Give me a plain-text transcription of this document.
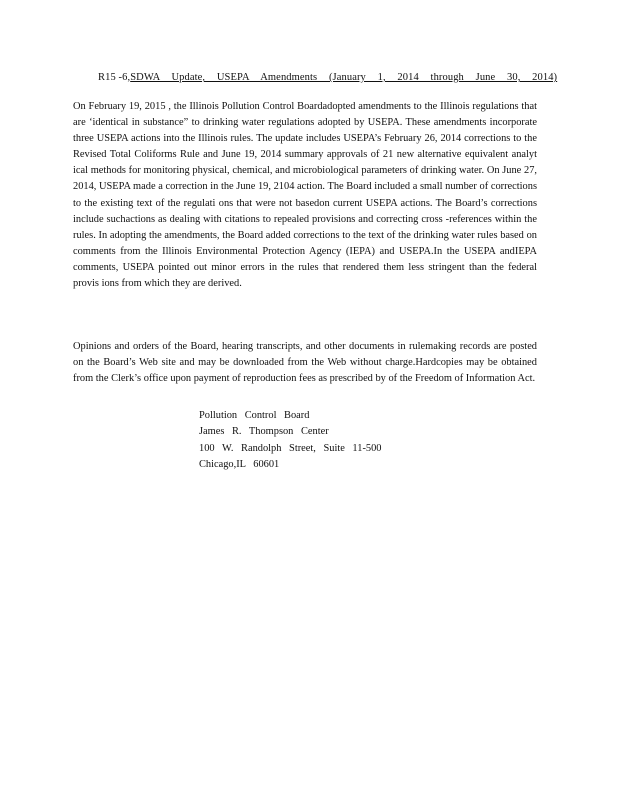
R15 -6,SDWA Update, USEPA Amendments (January 1, 2014 through June 30, 2014)
On February 19, 2015 , the Illinois Pollution Control Boardadopted amendments to the Illinois regulations that are ‘identical in substance” to drinking water regulations adopted by USEPA. These amendments incorporate three USEPA actions into the Illinois rules. The update includes USEPA’s February 26, 2014 corrections to the Revised Total Coliforms Rule and June 19, 2014 summary approvals of 21 new alternative equivalent analyt ical methods for monitoring physical, chemical, and microbiological parameters of drinking water. On June 27, 2014, USEPA made a correction in the June 19, 2104 action. The Board included a small number of corrections to the existing text of the regulati ons that were not basedon current USEPA actions. The Board’s corrections include suchactions as dealing with citations to repealed provisions and correcting cross -references within the rules. In adopting the amendments, the Board added corrections to the text of the drinking water rules based on comments from the Illinois Environmental Protection Agency (IEPA) and USEPA.In the USEPA andIEPA comments, USEPA pointed out minor errors in the rules that rendered them less stringent than the federal provis ions from which they are derived.
Opinions and orders of the Board, hearing transcripts, and other documents in rulemaking records are posted on the Board’s Web site and may be downloaded from the Web without charge.Hardcopies may be obtained from the Clerk’s office upon payment of reproduction fees as prescribed by of the Freedom of Information Act.
Pollution Control Board
James R. Thompson Center
100 W. Randolph Street, Suite 11-500
Chicago,IL 60601
